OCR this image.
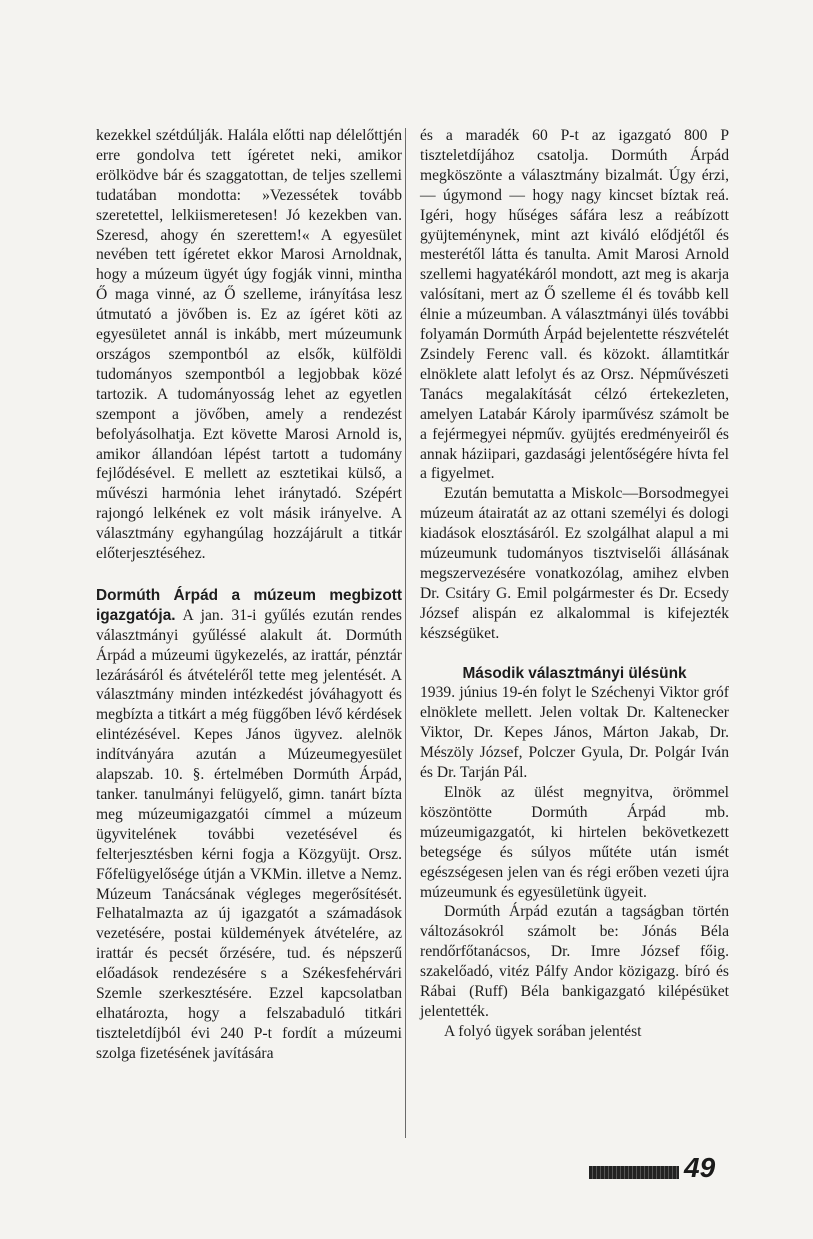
kezekkel szétdúlják. Halála előtti nap délelőttjén erre gondolva tett ígéretet neki, amikor erölködve bár és szaggatottan, de teljes szellemi tudatában mondotta: »Vezessétek tovább szeretettel, lelkiismeretesen! Jó kezekben van. Szeresd, ahogy én szerettem!« A egyesület nevében tett ígéretet ekkor Marosi Arnoldnak, hogy a múzeum ügyét úgy fogják vinni, mintha Ő maga vinné, az Ő szelleme, irányítása lesz útmutató a jövőben is. Ez az ígéret köti az egyesületet annál is inkább, mert múzeumunk országos szempontból az elsők, külföldi tudományos szempontból a legjobbak közé tartozik. A tudományosság lehet az egyetlen szempont a jövőben, amely a rendezést befolyásolhatja. Ezt követte Marosi Arnold is, amikor állandóan lépést tartott a tudomány fejlődésével. E mellett az esztetikai külső, a művészi harmónia lehet iránytadó. Szépért rajongó lelkének ez volt másik irányelve. A választmány egyhangúlag hozzájárult a titkár előterjesztéséhez.

Dormúth Árpád a múzeum megbizott igazgatója. A jan. 31-i gyűlés ezután rendes választmányi gyűléssé alakult át. Dormúth Árpád a múzeumi ügykezelés, az irattár, pénztár lezárásáról és átvételéről tette meg jelentését. A választmány minden intézkedést jóváhagyott és megbízta a titkárt a még függőben lévő kérdések elintézésével. Kepes János ügyvez. alelnök indítványára azután a Múzeumegyesület alapszab. 10. §. értelmében Dormúth Árpád, tanker. tanulmányi felügyelő, gimn. tanárt bízta meg múzeumigazgatói címmel a múzeum ügyvitelének további vezetésével és felterjesztésben kérni fogja a Közgyüjt. Orsz. Főfelügyelősége útján a VKMin. illetve a Nemz. Múzeum Tanácsának végleges megerősítését. Felhatalmazta az új igazgatót a számadások vezetésére, postai küldemények átvételére, az irattár és pecsét őrzésére, tud. és népszerű előadások rendezésére s a Székesfehérvári Szemle szerkesztésére. Ezzel kapcsolatban elhatározta, hogy a felszabaduló titkári tiszteletdíjból évi 240 P-t fordít a múzeumi szolga fizetésének javítására

és a maradék 60 P-t az igazgató 800 P tiszteletdíjához csatolja. Dormúth Árpád megköszönte a választmány bizalmát. Úgy érzi, — úgymond — hogy nagy kincset bíztak reá. Igéri, hogy hűséges sáfára lesz a reábízott gyüjteménynek, mint azt kiváló elődjétől és mesterétől látta és tanulta. Amit Marosi Arnold szellemi hagyatékáról mondott, azt meg is akarja valósítani, mert az Ő szelleme él és tovább kell élnie a múzeumban. A választmányi ülés további folyamán Dormúth Árpád bejelentette részvételét Zsindely Ferenc vall. és közokt. államtitkár elnöklete alatt lefolyt és az Orsz. Népművészeti Tanács megalakítását célzó értekezleten, amelyen Latabár Károly iparművész számolt be a fejérmegyei népműv. gyüjtés eredményeiről és annak háziipari, gazdasági jelentőségére hívta fel a figyelmet.

Ezután bemutatta a Miskolc—Borsodmegyei múzeum átairatát az az ottani személyi és dologi kiadások elosztásáról. Ez szolgálhat alapul a mi múzeumunk tudományos tisztviselői állásának megszervezésére vonatkozólag, amihez elvben Dr. Csitáry G. Emil polgármester és Dr. Ecsedy József alispán ez alkalommal is kifejezték készségüket.

Második választmányi ülésünk

1939. június 19-én folyt le Széchenyi Viktor gróf elnöklete mellett. Jelen voltak Dr. Kaltenecker Viktor, Dr. Kepes János, Márton Jakab, Dr. Mészöly József, Polczer Gyula, Dr. Polgár Iván és Dr. Tarján Pál.

Elnök az ülést megnyitva, örömmel köszöntötte Dormúth Árpád mb. múzeumigazgatót, ki hirtelen bekövetkezett betegsége és súlyos műtéte után ismét egészségesen jelen van és régi erőben vezeti újra múzeumunk és egyesületünk ügyeit.

Dormúth Árpád ezután a tagságban történ változásokról számolt be: Jónás Béla rendőrfőtanácsos, Dr. Imre József főig. szakelőadó, vitéz Pálfy Andor közigazg. bíró és Rábai (Ruff) Béla bankigazgató kilépésüket jelentették.

A folyó ügyek sorában jelentést

49
